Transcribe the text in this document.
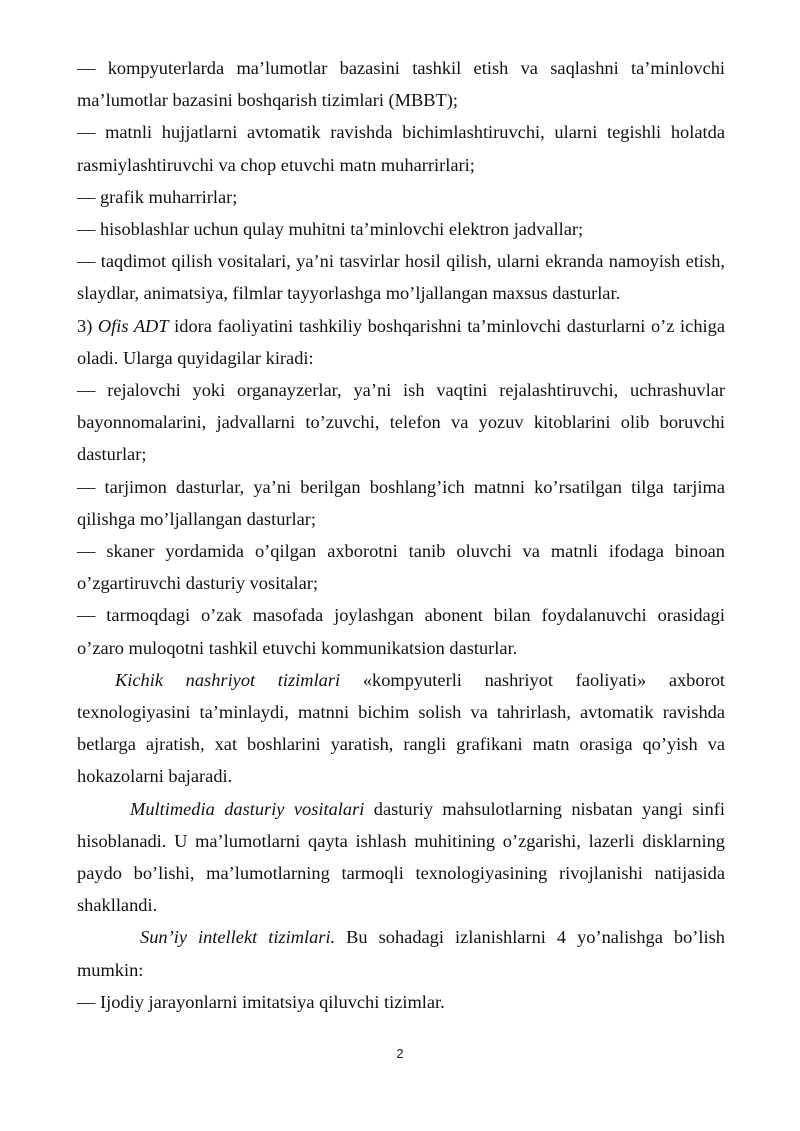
— kompyuterlarda ma’lumotlar bazasini tashkil etish va saqlashni ta’minlovchi ma’lumotlar bazasini boshqarish tizimlari (MBBT);

— matnli hujjatlarni avtomatik ravishda bichimlashtiruvchi, ularni tegishli holatda rasmiylashtiruvchi va chop etuvchi matn muharrirlari;

— grafik muharrirlar;

— hisoblashlar uchun qulay muhitni ta’minlovchi elektron jadvallar;

— taqdimot qilish vositalari, ya’ni tasvirlar hosil qilish, ularni ekranda namoyish etish, slaydlar, animatsiya, filmlar tayyorlashga mo’ljallangan maxsus dasturlar.

3) Ofis ADT idora faoliyatini tashkiliy boshqarishni ta’minlovchi dasturlarni o’z ichiga oladi. Ularga quyidagilar kiradi:

— rejalovchi yoki organayzerlar, ya’ni ish vaqtini rejalashtiruvchi, uchrashuvlar bayonnomalarini, jadvallarni to’zuvchi, telefon va yozuv kitoblarini olib boruvchi dasturlar;

— tarjimon dasturlar, ya’ni berilgan boshlang’ich matnni ko’rsatilgan tilga tarjima qilishga mo’ljallangan dasturlar;

— skaner yordamida o’qilgan axborotni tanib oluvchi va matnli ifodaga binoan o’zgartiruvchi dasturiy vositalar;

— tarmoqdagi o’zak masofada joylashgan abonent bilan foydalanuvchi orasidagi o’zaro muloqotni tashkil etuvchi kommunikatsion dasturlar.

Kichik nashriyot tizimlari «kompyuterli nashriyot faoliyati» axborot texnologiyasini ta’minlaydi, matnni bichim solish va tahrirlash, avtomatik ravishda betlarga ajratish, xat boshlarini yaratish, rangli grafikani matn orasiga qo’yish va hokazolarni bajaradi.

Multimedia dasturiy vositalari dasturiy mahsulotlarning nisbatan yangi sinfi hisoblanadi. U ma’lumotlarni qayta ishlash muhitining o’zgarishi, lazerli disklarning paydo bo’lishi, ma’lumotlarning tarmoqli texnologiyasining rivojlanishi natijasida shakllandi.

Sun’iy intellekt tizimlari. Bu sohadagi izlanishlarni 4 yo’nalishga bo’lish mumkin:

— Ijodiy jarayonlarni imitatsiya qiluvchi tizimlar.

2
